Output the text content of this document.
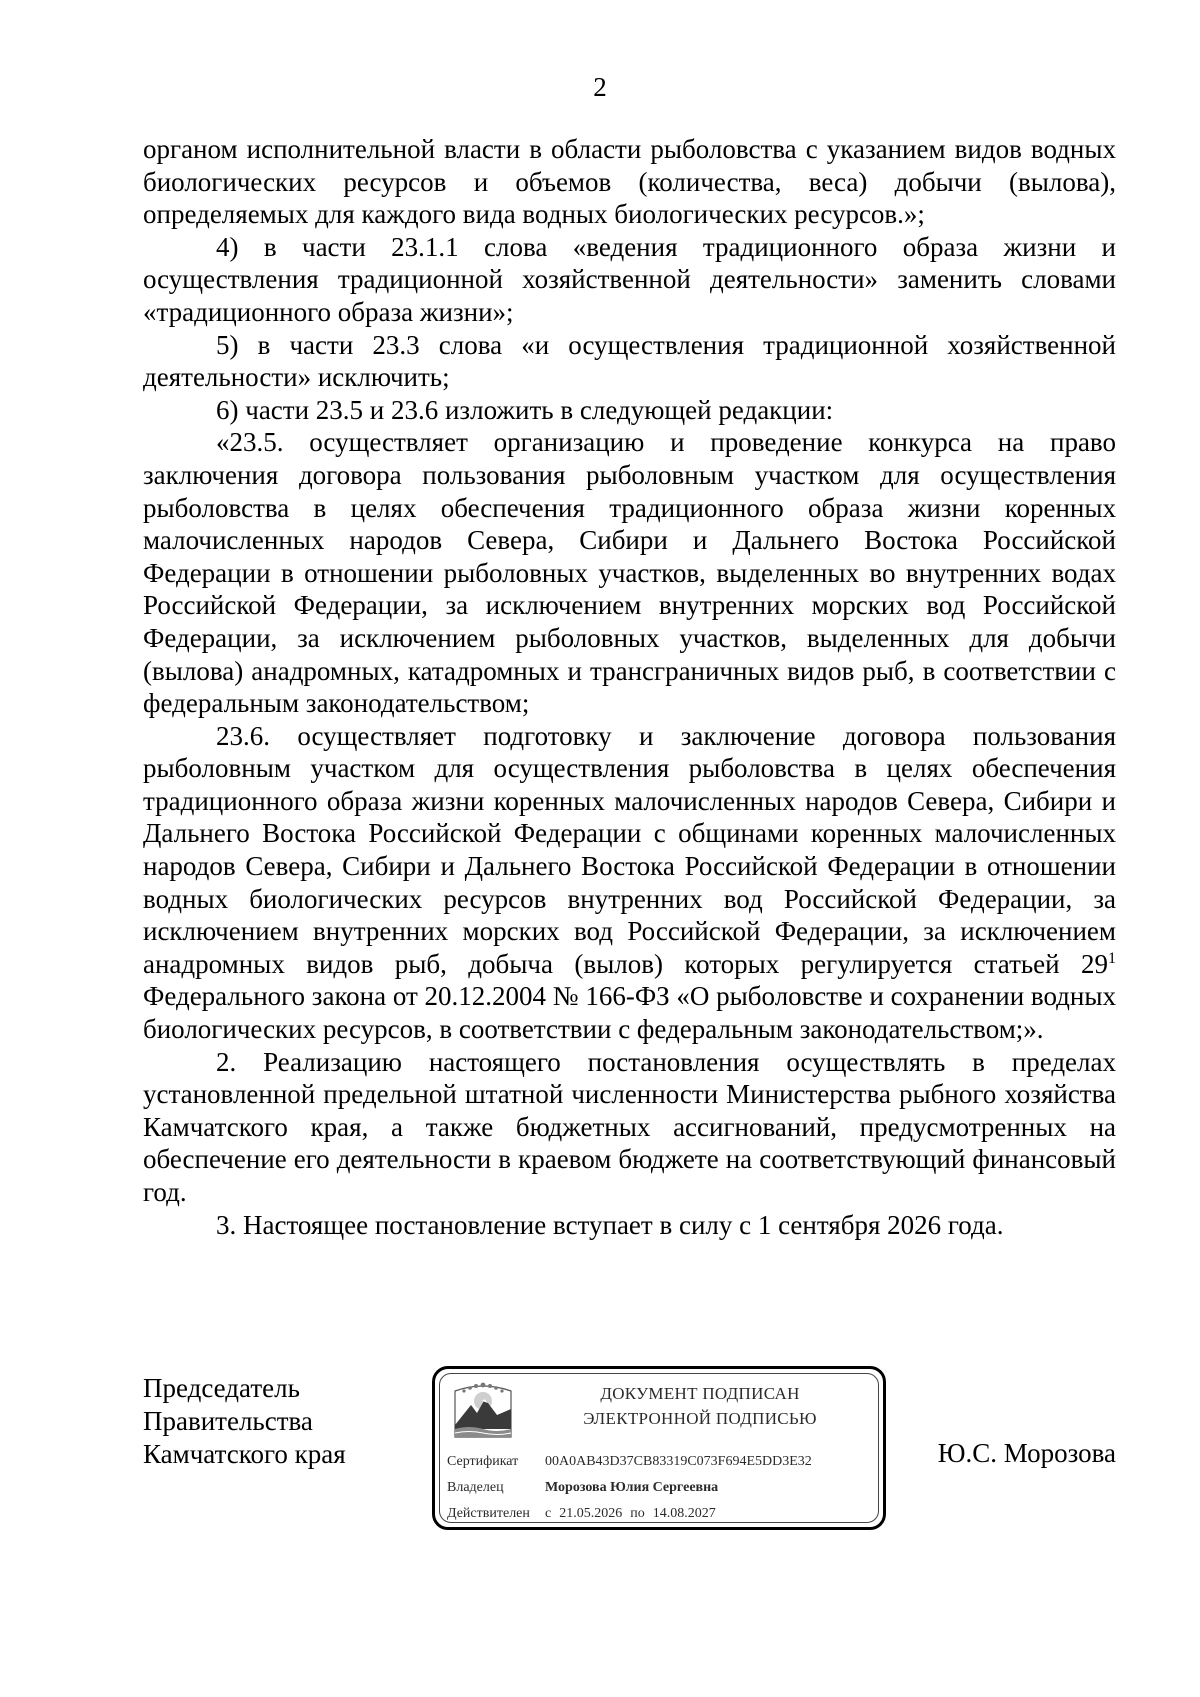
2

органом исполнительной власти в области рыболовства с указанием видов водных биологических ресурсов и объемов (количества, веса) добычи (вылова), определяемых для каждого вида водных биологических ресурсов.»;

4) в части 23.1.1 слова «ведения традиционного образа жизни и осуществления традиционной хозяйственной деятельности» заменить словами «традиционного образа жизни»;

5) в части 23.3 слова «и осуществления традиционной хозяйственной деятельности» исключить;

6) части 23.5 и 23.6 изложить в следующей редакции:

«23.5. осуществляет организацию и проведение конкурса на право заключения договора пользования рыболовным участком для осуществления рыболовства в целях обеспечения традиционного образа жизни коренных малочисленных народов Севера, Сибири и Дальнего Востока Российской Федерации в отношении рыболовных участков, выделенных во внутренних водах Российской Федерации, за исключением внутренних морских вод Российской Федерации, за исключением рыболовных участков, выделенных для добычи (вылова) анадромных, катадромных и трансграничных видов рыб, в соответствии с федеральным законодательством;

23.6. осуществляет подготовку и заключение договора пользования рыболовным участком для осуществления рыболовства в целях обеспечения традиционного образа жизни коренных малочисленных народов Севера, Сибири и Дальнего Востока Российской Федерации с общинами коренных малочисленных народов Севера, Сибири и Дальнего Востока Российской Федерации в отношении водных биологических ресурсов внутренних вод Российской Федерации, за исключением внутренних морских вод Российской Федерации, за исключением анадромных видов рыб, добыча (вылов) которых регулируется статьей $29^1$ Федерального закона от 20.12.2004 № 166-ФЗ «О рыболовстве и сохранении водных биологических ресурсов, в соответствии с федеральным законодательством;».

2. Реализацию настоящего постановления осуществлять в пределах установленной предельной штатной численности Министерства рыбного хозяйства Камчатского края, а также бюджетных ассигнований, предусмотренных на обеспечение его деятельности в краевом бюджете на соответствующий финансовый год.

3. Настоящее постановление вступает в силу с 1 сентября 2026 года.

Председатель
Правительства
Камчатского края
ДОКУМЕНТ ПОДПИСАН
ЭЛЕКТРОННОЙ ПОДПИСЬЮ
Сертификат 00A0AB43D37CB83319C073F694E5DD3E32
Владелец	Морозова Юлия Сергеевна
Действителен с 21.05.2026 по 14.08.2027
Ю.С. Морозова
